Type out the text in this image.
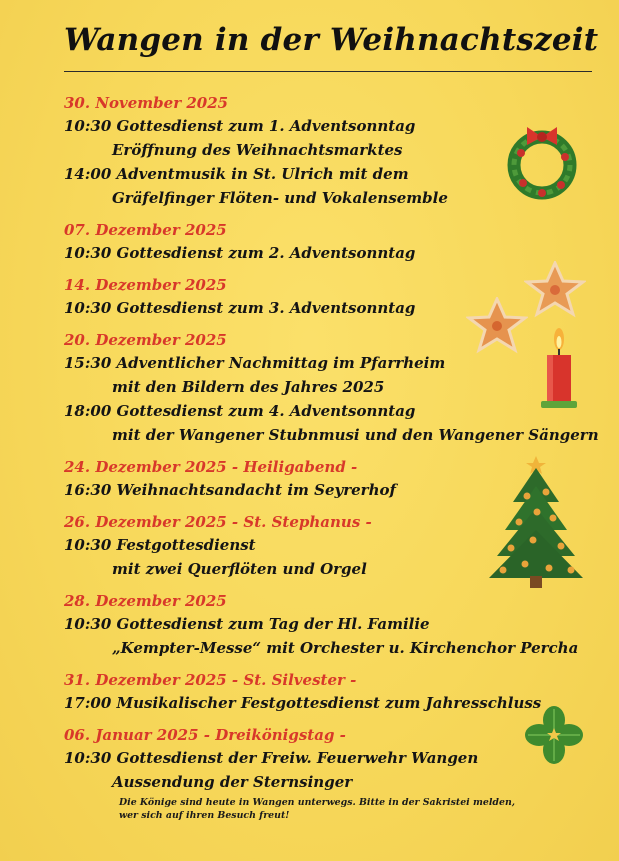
Wangen in der Weihnachtszeit
30. November 2025
10:30 Gottesdienst zum 1. Adventsonntag
Eröffnung des Weihnachtsmarktes
14:00 Adventmusik in St. Ulrich mit dem
Gräfelfinger Flöten- und Vokalensemble
07. Dezember 2025
10:30 Gottesdienst zum 2. Adventsonntag
14. Dezember 2025
10:30 Gottesdienst zum 3. Adventsonntag
20. Dezember 2025
15:30 Adventlicher Nachmittag im Pfarrheim
mit den Bildern des Jahres 2025
18:00 Gottesdienst zum 4. Adventsonntag
mit der Wangener Stubnmusi und den Wangener Sängern
24. Dezember 2025 - Heiligabend -
16:30 Weihnachtsandacht im Seyrerhof
26. Dezember 2025 - St. Stephanus -
10:30 Festgottesdienst
mit zwei Querflöten und Orgel
28. Dezember 2025
10:30 Gottesdienst zum Tag der Hl. Familie
„Kempter-Messe“ mit Orchester u. Kirchenchor Percha
31. Dezember 2025 - St. Silvester -
17:00 Musikalischer Festgottesdienst zum Jahresschluss
06. Januar 2025 - Dreikönigstag -
10:30 Gottesdienst der Freiw. Feuerwehr Wangen
Aussendung der Sternsinger
Die Könige sind heute in Wangen unterwegs. Bitte in der Sakristei melden,
wer sich auf ihren Besuch freut!
